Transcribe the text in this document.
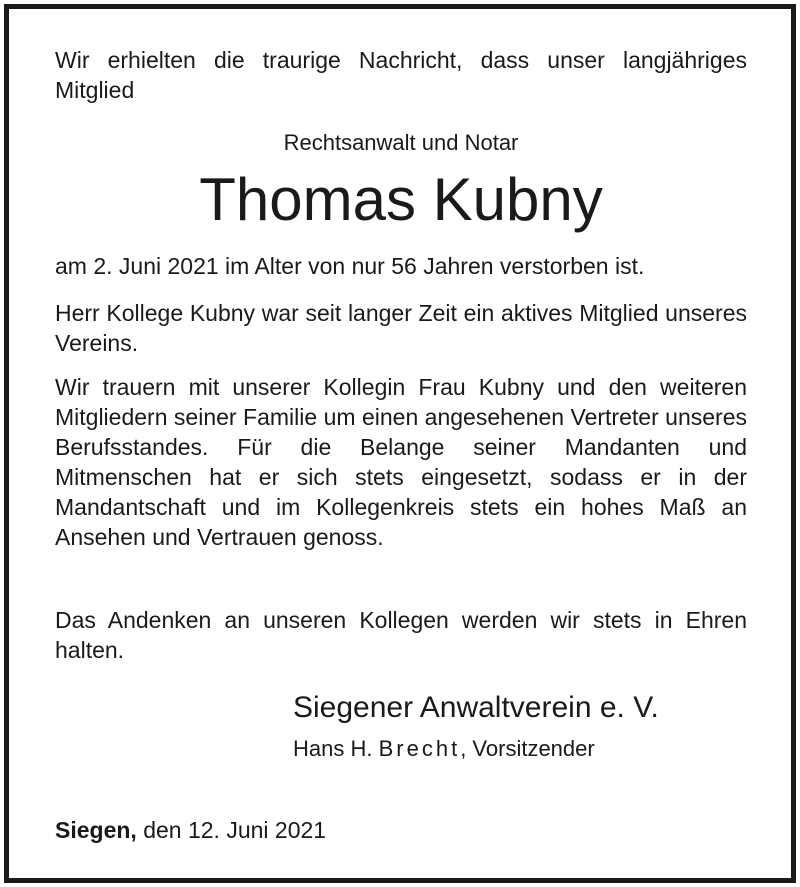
Wir erhielten die traurige Nachricht, dass unser langjähriges Mitglied
Rechtsanwalt und Notar
Thomas Kubny
am 2. Juni 2021 im Alter von nur 56 Jahren verstorben ist.
Herr Kollege Kubny war seit langer Zeit ein aktives Mitglied unseres Vereins.
Wir trauern mit unserer Kollegin Frau Kubny und den weiteren Mitgliedern seiner Familie um einen angesehenen Vertreter unseres Berufsstandes. Für die Belange seiner Mandanten und Mitmenschen hat er sich stets eingesetzt, sodass er in der Mandantschaft und im Kollegenkreis stets ein hohes Maß an Ansehen und Vertrauen genoss.
Das Andenken an unseren Kollegen werden wir stets in Ehren halten.
Siegener Anwaltverein e. V.
Hans H. Brecht, Vorsitzender
Siegen, den 12. Juni 2021
